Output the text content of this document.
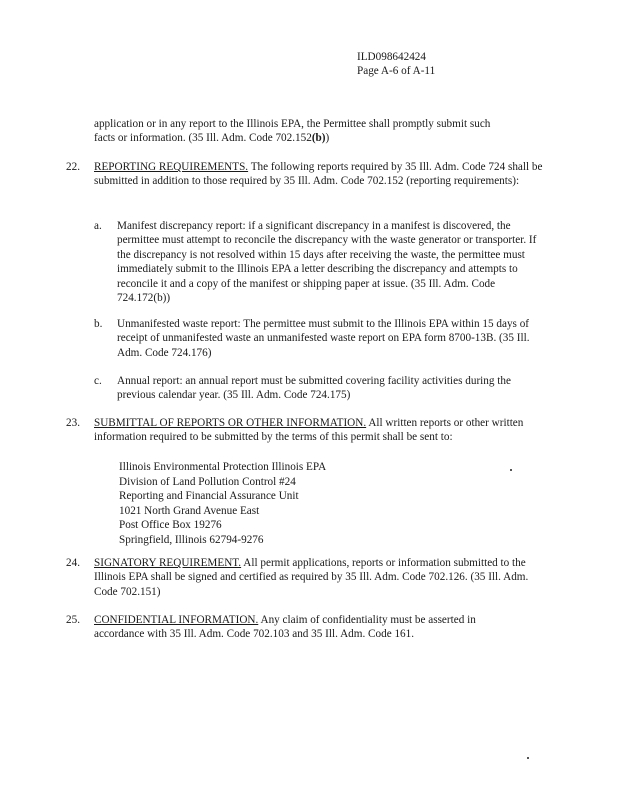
ILD098642424
Page A-6 of A-11
application or in any report to the Illinois EPA, the Permittee shall promptly submit such
facts or information. (35 Ill. Adm. Code 702.152(b))
22. REPORTING REQUIREMENTS. The following reports required by 35 Ill. Adm. Code 724 shall be submitted in addition to those required by 35 Ill. Adm. Code 702.152 (reporting requirements):
a. Manifest discrepancy report: if a significant discrepancy in a manifest is discovered, the permittee must attempt to reconcile the discrepancy with the waste generator or transporter. If the discrepancy is not resolved within 15 days after receiving the waste, the permittee must immediately submit to the Illinois EPA a letter describing the discrepancy and attempts to reconcile it and a copy of the manifest or shipping paper at issue. (35 Ill. Adm. Code 724.172(b))
b. Unmanifested waste report: The permittee must submit to the Illinois EPA within 15 days of receipt of unmanifested waste an unmanifested waste report on EPA form 8700-13B. (35 Ill. Adm. Code 724.176)
c. Annual report: an annual report must be submitted covering facility activities during the previous calendar year. (35 Ill. Adm. Code 724.175)
23. SUBMITTAL OF REPORTS OR OTHER INFORMATION. All written reports or other written information required to be submitted by the terms of this permit shall be sent to:
Illinois Environmental Protection Illinois EPA
Division of Land Pollution Control #24
Reporting and Financial Assurance Unit
1021 North Grand Avenue East
Post Office Box 19276
Springfield, Illinois 62794-9276
24. SIGNATORY REQUIREMENT. All permit applications, reports or information submitted to the Illinois EPA shall be signed and certified as required by 35 Ill. Adm. Code 702.126. (35 Ill. Adm. Code 702.151)
25. CONFIDENTIAL INFORMATION. Any claim of confidentiality must be asserted in accordance with 35 Ill. Adm. Code 702.103 and 35 Ill. Adm. Code 161.
